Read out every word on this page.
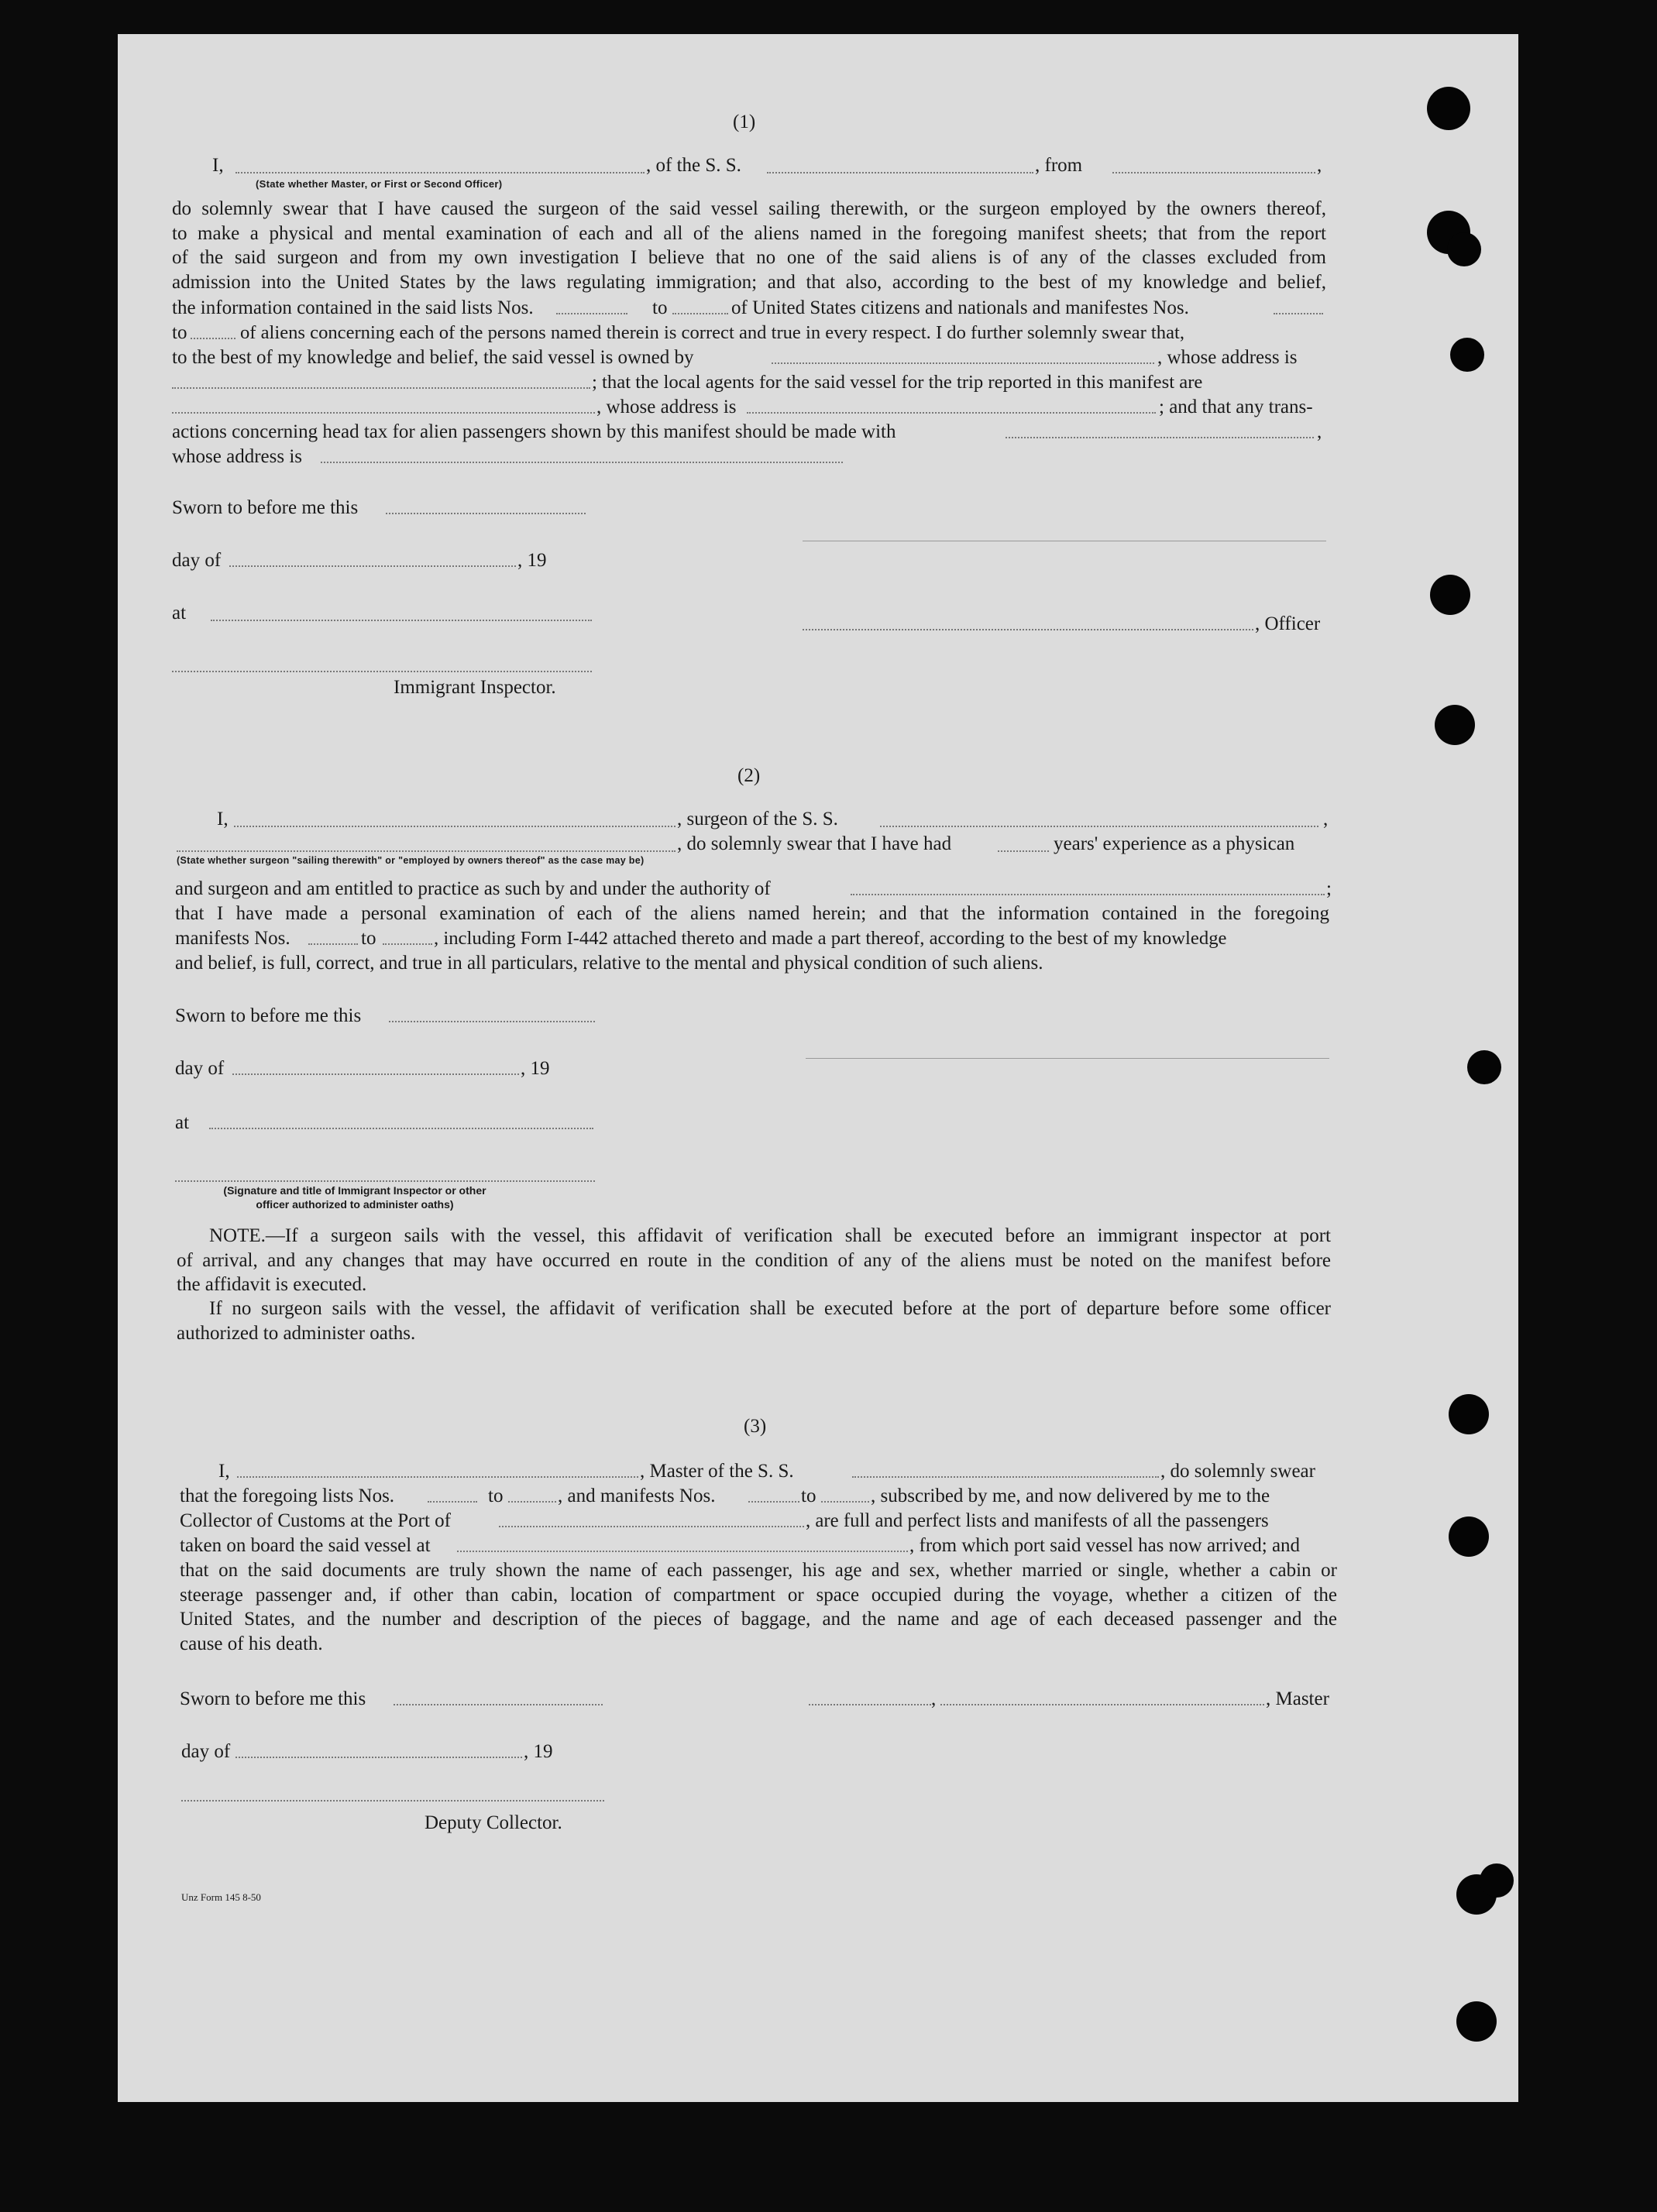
(1)
I,	, of the S. S.	, from	,
(State whether Master, or First or Second Officer)
do solemnly swear that I have caused the surgeon of the said vessel sailing therewith, or the surgeon employed by the owners thereof,
to make a physical and mental examination of each and all of the aliens named in the foregoing manifest sheets; that from the report
of the said surgeon and from my own investigation I believe that no one of the said aliens is of any of the classes excluded from
admission into the United States by the laws regulating immigration; and that also, according to the best of my knowledge and belief,
the information contained in the said lists Nos.	to	of United States citizens and nationals and manifestes Nos.
to	of aliens concerning each of the persons named therein is correct and true in every respect. I do further solemnly swear that,
to the best of my knowledge and belief, the said vessel is owned by	, whose address is
; that the local agents for the said vessel for the trip reported in this manifest are
, whose address is	; and that any trans-
actions concerning head tax for alien passengers shown by this manifest should be made with	,
whose address is
Sworn to before me this
day of	, 19
at
, Officer
Immigrant Inspector.
(2)
I,	, surgeon of the S. S.	,
, do solemnly swear that I have had	years' experience as a physican
(State whether surgeon "sailing therewith" or "employed by owners thereof" as the case may be)
and surgeon and am entitled to practice as such by and under the authority of	;
that I have made a personal examination of each of the aliens named herein; and that the information contained in the foregoing
manifests Nos.	to	, including Form I-442 attached thereto and made a part thereof, according to the best of my knowledge
and belief, is full, correct, and true in all particulars, relative to the mental and physical condition of such aliens.
Sworn to before me this
day of	, 19
at
(Signature and title of Immigrant Inspector or other
officer authorized to administer oaths)
NOTE.—If a surgeon sails with the vessel, this affidavit of verification shall be executed before an immigrant inspector at port
of arrival, and any changes that may have occurred en route in the condition of any of the aliens must be noted on the manifest before
the affidavit is executed.
If no surgeon sails with the vessel, the affidavit of verification shall be executed before at the port of departure before some officer
authorized to administer oaths.
(3)
I,	, Master of the S. S.	, do solemnly swear
that the foregoing lists Nos.	to	, and manifests Nos.	to	, subscribed by me, and now delivered by me to the
Collector of Customs at the Port of	, are full and perfect lists and manifests of all the passengers
taken on board the said vessel at	, from which port said vessel has now arrived; and
that on the said documents are truly shown the name of each passenger, his age and sex, whether married or single, whether a cabin or
steerage passenger and, if other than cabin, location of compartment or space occupied during the voyage, whether a citizen of the
United States, and the number and description of the pieces of baggage, and the name and age of each deceased passenger and the
cause of his death.
Sworn to before me this	,	, Master
day of	, 19
Deputy Collector.
Unz Form 145 8-50
